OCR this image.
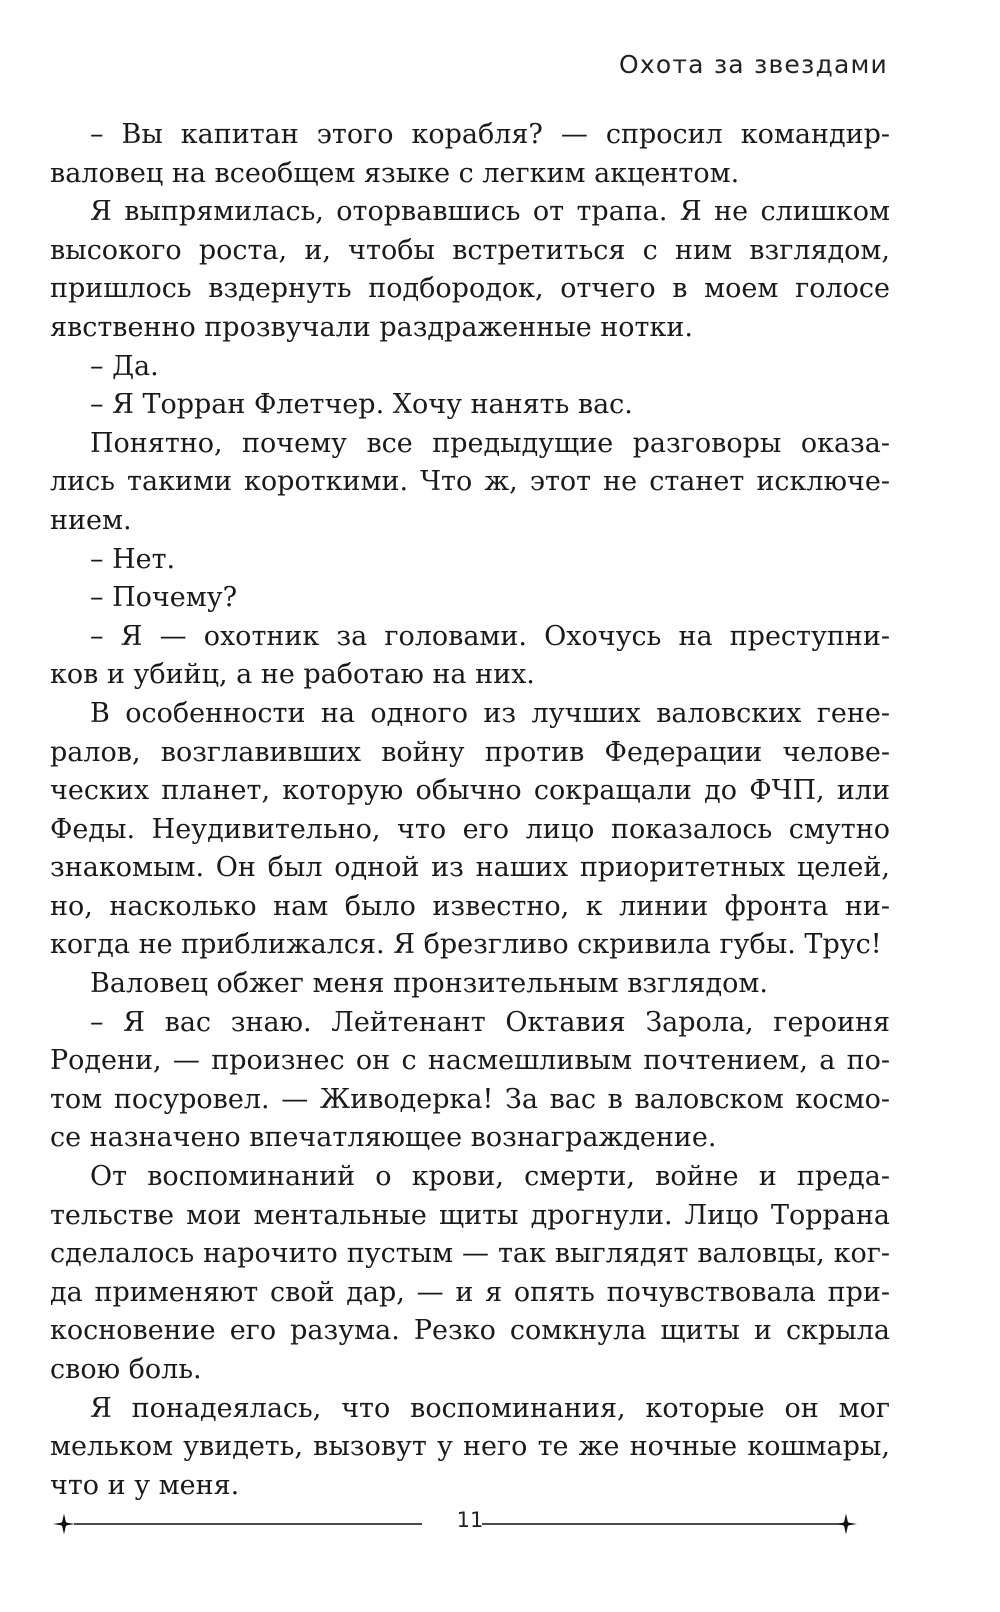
Охота за звездами
– Вы капитан этого корабля? — спросил командир-
валовец на всеобщем языке с легким акцентом.
Я выпрямилась, оторвавшись от трапа. Я не слишком
высокого роста, и, чтобы встретиться с ним взглядом,
пришлось вздернуть подбородок, отчего в моем голосе
явственно прозвучали раздраженные нотки.
– Да.
– Я Торран Флетчер. Хочу нанять вас.
Понятно, почему все предыдущие разговоры оказа-
лись такими короткими. Что ж, этот не станет исключе-
нием.
– Нет.
– Почему?
– Я — охотник за головами. Охочусь на преступни-
ков и убийц, а не работаю на них.
В особенности на одного из лучших валовских гене-
ралов, возглавивших войну против Федерации челове-
ческих планет, которую обычно сокращали до ФЧП, или
Феды. Неудивительно, что его лицо показалось смутно
знакомым. Он был одной из наших приоритетных целей,
но, насколько нам было известно, к линии фронта ни-
когда не приближался. Я брезгливо скривила губы. Трус!
Валовец обжег меня пронзительным взглядом.
– Я вас знаю. Лейтенант Октавия Зарола, героиня
Родени, — произнес он с насмешливым почтением, а по-
том посуровел. — Живодерка! За вас в валовском космо-
се назначено впечатляющее вознаграждение.
От воспоминаний о крови, смерти, войне и преда-
тельстве мои ментальные щиты дрогнули. Лицо Торрана
сделалось нарочито пустым — так выглядят валовцы, ког-
да применяют свой дар, — и я опять почувствовала при-
косновение его разума. Резко сомкнула щиты и скрыла
свою боль.
Я понадеялась, что воспоминания, которые он мог
мельком увидеть, вызовут у него те же ночные кошмары,
что и у меня.
11
